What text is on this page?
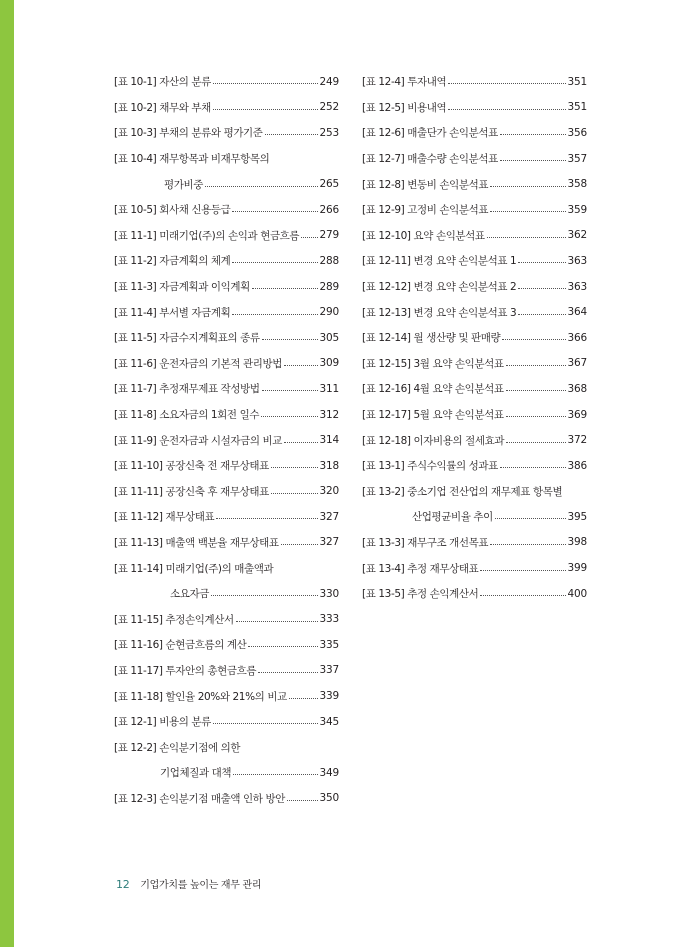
[표 10-1] 자산의 분류	249
[표 10-2] 채무와 부채	252
[표 10-3] 부채의 분류와 평가기준	253
[표 10-4] 재무항목과 비재무항목의
평가비중	265
[표 10-5] 회사채 신용등급	266
[표 11-1] 미래기업(주)의 손익과 현금흐름 279
[표 11-2] 자금계획의 체계	288
[표 11-3] 자금계획과 이익계획	289
[표 11-4] 부서별 자금계획	290
[표 11-5] 자금수지계획표의 종류	305
[표 11-6] 운전자금의 기본적 관리방법	309
[표 11-7] 추정재무제표 작성방법	311
[표 11-8] 소요자금의 1회전 일수	312
[표 11-9] 운전자금과 시설자금의 비교	314
[표 11-10] 공장신축 전 재무상태표	318
[표 11-11] 공장신축 후 재무상태표	320
[표 11-12] 재무상태표	327
[표 11-13] 매출액 백분율 재무상태표	327
[표 11-14] 미래기업(주)의 매출액과
소요자금	330
[표 11-15] 추정손익계산서	333
[표 11-16] 순현금흐름의 계산	335
[표 11-17] 투자안의 총현금흐름	337
[표 11-18] 할인율 20%와 21%의 비교	339
[표 12-1] 비용의 분류	345
[표 12-2] 손익분기점에 의한
기업체질과 대책	349
[표 12-3] 손익분기점 매출액 인하 방안	350
[표 12-4] 투자내역	351
[표 12-5] 비용내역	351
[표 12-6] 매출단가 손익분석표	356
[표 12-7] 매출수량 손익분석표	357
[표 12-8] 변동비 손익분석표	358
[표 12-9] 고정비 손익분석표	359
[표 12-10] 요약 손익분석표	362
[표 12-11] 변경 요약 손익분석표 1	363
[표 12-12] 변경 요약 손익분석표 2	363
[표 12-13] 변경 요약 손익분석표 3	364
[표 12-14] 월 생산량 및 판매량	366
[표 12-15] 3월 요약 손익분석표	367
[표 12-16] 4월 요약 손익분석표	368
[표 12-17] 5월 요약 손익분석표	369
[표 12-18] 이자비용의 절세효과	372
[표 13-1] 주식수익률의 성과표	386
[표 13-2] 중소기업 전산업의 재무제표 항목별
산업평균비율 추이	395
[표 13-3] 재무구조 개선목표	398
[표 13-4] 추정 재무상태표	399
[표 13-5] 추정 손익계산서	400
12 기업가치를 높이는 재무 관리
